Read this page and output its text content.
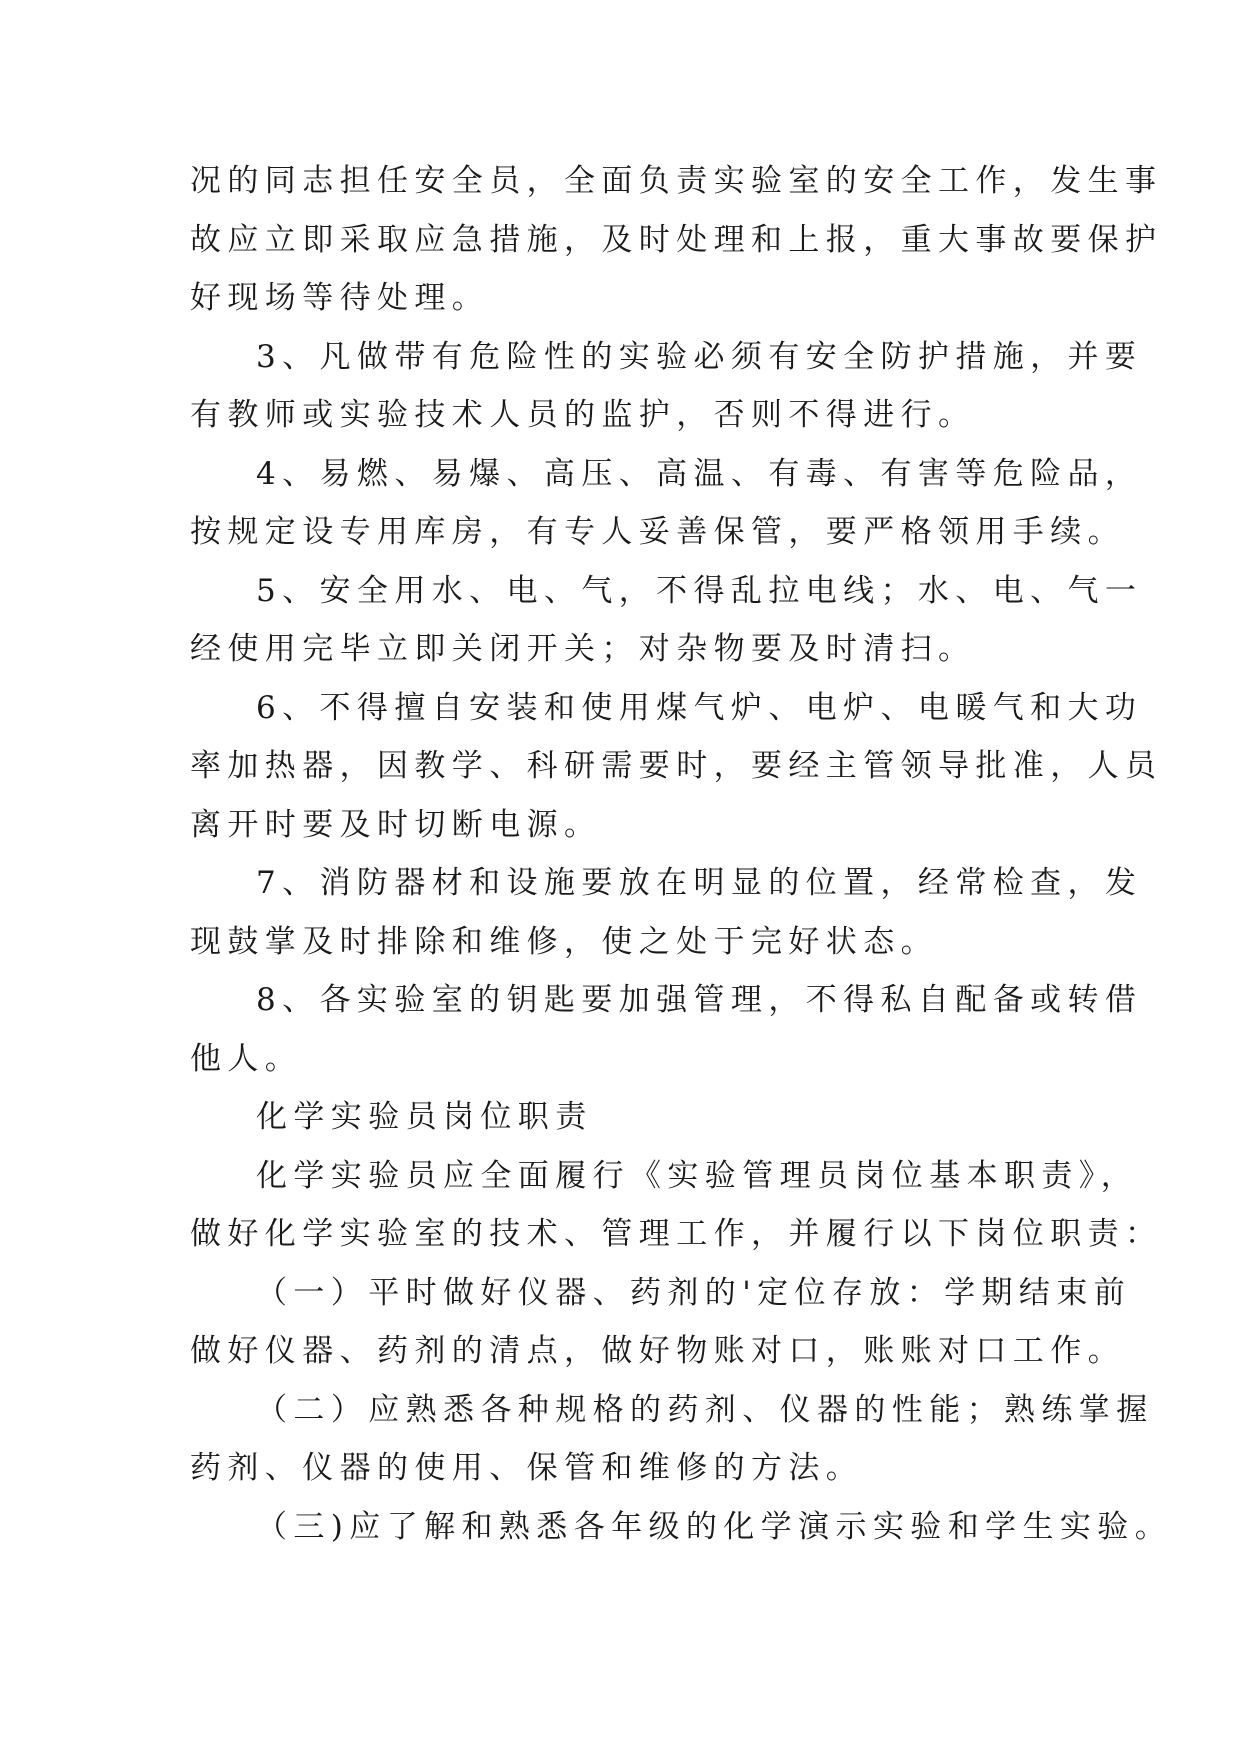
况的同志担任安全员，全面负责实验室的安全工作，发生事
故应立即采取应急措施，及时处理和上报，重大事故要保护
好现场等待处理。
3、凡做带有危险性的实验必须有安全防护措施，并要
有教师或实验技术人员的监护，否则不得进行。
4、易燃、易爆、高压、高温、有毒、有害等危险品，
按规定设专用库房，有专人妥善保管，要严格领用手续。
5、安全用水、电、气，不得乱拉电线；水、电、气一
经使用完毕立即关闭开关；对杂物要及时清扫。
6、不得擅自安装和使用煤气炉、电炉、电暖气和大功
率加热器，因教学、科研需要时，要经主管领导批准，人员
离开时要及时切断电源。
7、消防器材和设施要放在明显的位置，经常检查，发
现鼓掌及时排除和维修，使之处于完好状态。
8、各实验室的钥匙要加强管理，不得私自配备或转借
他人。
化学实验员岗位职责
化学实验员应全面履行《实验管理员岗位基本职责》，
做好化学实验室的技术、管理工作，并履行以下岗位职责：
（一）平时做好仪器、药剂的'定位存放：学期结束前
做好仪器、药剂的清点，做好物账对口，账账对口工作。
（二）应熟悉各种规格的药剂、仪器的性能；熟练掌握
药剂、仪器的使用、保管和维修的方法。
（三)应了解和熟悉各年级的化学演示实验和学生实验。
